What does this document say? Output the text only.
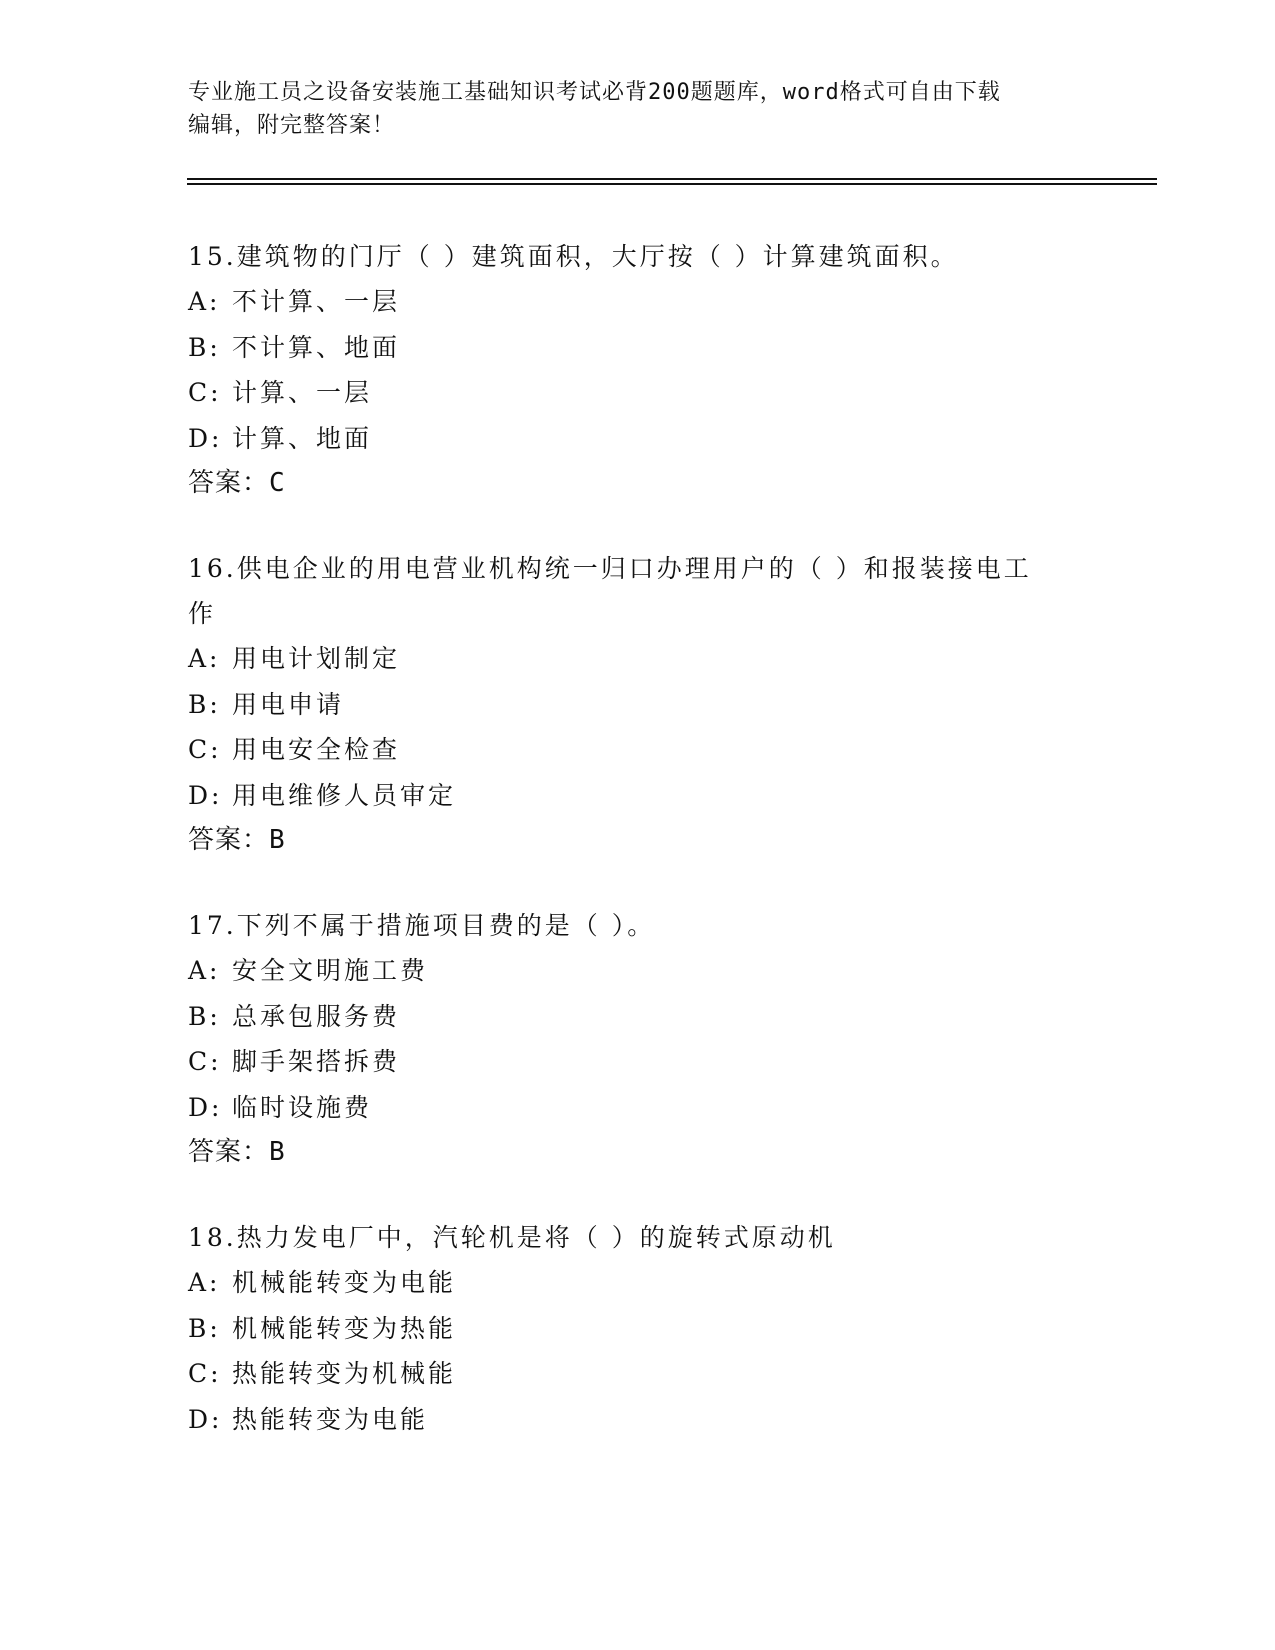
专业施工员之设备安装施工基础知识考试必背200题题库，word格式可自由下载
编辑，附完整答案！

15.建筑物的门厅（ ）建筑面积，大厅按（ ）计算建筑面积。

A: 不计算、一层

B: 不计算、地面

C: 计算、一层

D: 计算、地面

答案：C

16.供电企业的用电营业机构统一归口办理用户的（ ）和报装接电工

作

A: 用电计划制定

B: 用电申请

C: 用电安全检查

D: 用电维修人员审定

答案：B

17.下列不属于措施项目费的是（ ）。

A: 安全文明施工费

B: 总承包服务费

C: 脚手架搭拆费

D: 临时设施费

答案：B

18.热力发电厂中，汽轮机是将（ ）的旋转式原动机

A: 机械能转变为电能

B: 机械能转变为热能

C: 热能转变为机械能

D: 热能转变为电能
